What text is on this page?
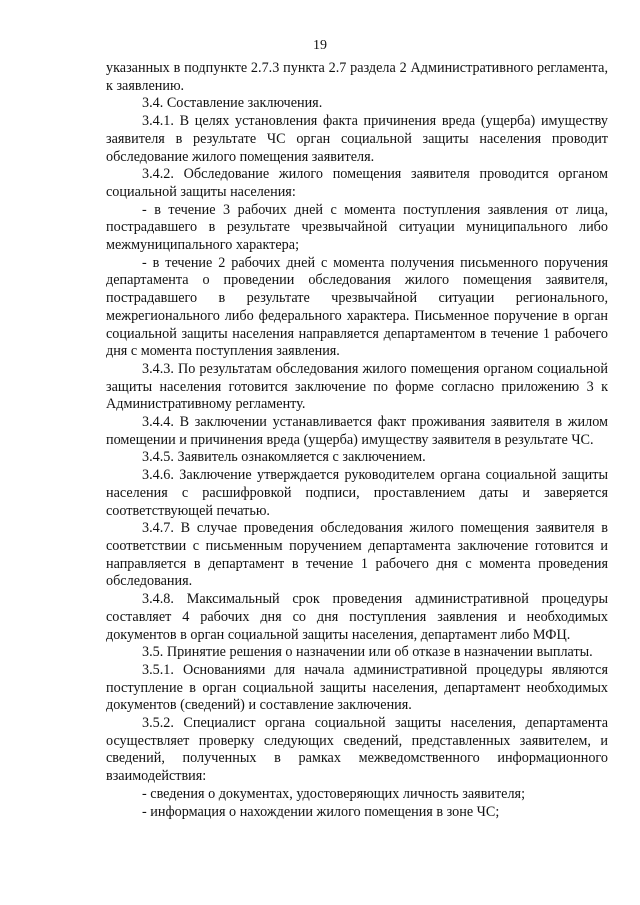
19

указанных в подпункте 2.7.3 пункта 2.7 раздела 2 Административного регламента, к заявлению.

3.4. Составление заключения.

3.4.1. В целях установления факта причинения вреда (ущерба) имуществу заявителя в результате ЧС орган социальной защиты населения проводит обследование жилого помещения заявителя.

3.4.2. Обследование жилого помещения заявителя проводится органом социальной защиты населения:

- в течение 3 рабочих дней с момента поступления заявления от лица, пострадавшего в результате чрезвычайной ситуации муниципального либо межмуниципального характера;

- в течение 2 рабочих дней с момента получения письменного поручения департамента о проведении обследования жилого помещения заявителя, пострадавшего в результате чрезвычайной ситуации регионального, межрегионального либо федерального характера. Письменное поручение в орган социальной защиты населения направляется департаментом в течение 1 рабочего дня с момента поступления заявления.

3.4.3. По результатам обследования жилого помещения органом социальной защиты населения готовится заключение по форме согласно приложению 3 к Административному регламенту.

3.4.4. В заключении устанавливается факт проживания заявителя в жилом помещении и причинения вреда (ущерба) имуществу заявителя в результате ЧС.

3.4.5. Заявитель ознакомляется с заключением.

3.4.6. Заключение утверждается руководителем органа социальной защиты населения с расшифровкой подписи, проставлением даты и заверяется соответствующей печатью.

3.4.7. В случае проведения обследования жилого помещения заявителя в соответствии с письменным поручением департамента заключение готовится и направляется в департамент в течение 1 рабочего дня с момента проведения обследования.

3.4.8. Максимальный срок проведения административной процедуры составляет 4 рабочих дня со дня поступления заявления и необходимых документов в орган социальной защиты населения, департамент либо МФЦ.

3.5. Принятие решения о назначении или об отказе в назначении выплаты.

3.5.1. Основаниями для начала административной процедуры являются поступление в орган социальной защиты населения, департамент необходимых документов (сведений) и составление заключения.

3.5.2. Специалист органа социальной защиты населения, департамента осуществляет проверку следующих сведений, представленных заявителем, и сведений, полученных в рамках межведомственного информационного взаимодействия:

- сведения о документах, удостоверяющих личность заявителя;

- информация о нахождении жилого помещения в зоне ЧС;
